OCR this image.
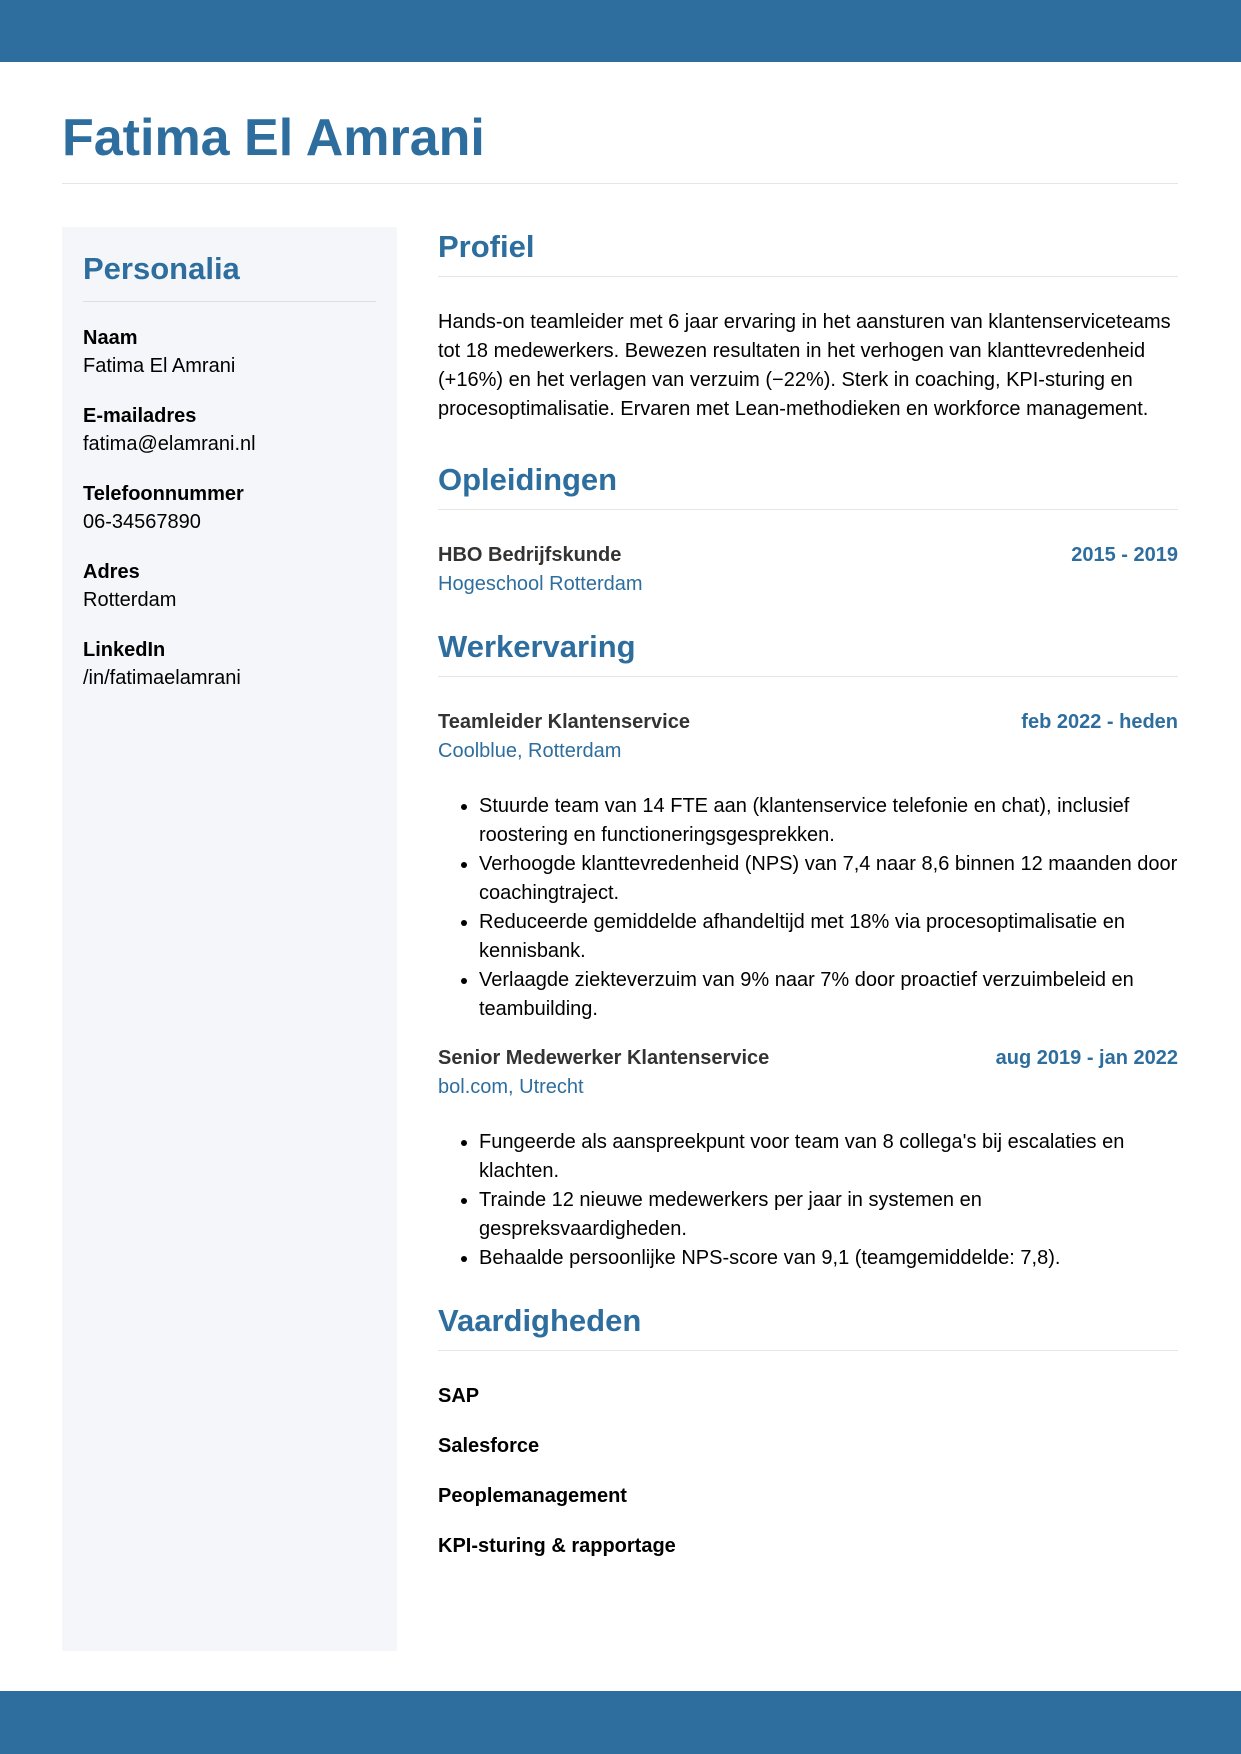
Fatima El Amrani
Personalia
Naam
Fatima El Amrani
E-mailadres
fatima@elamrani.nl
Telefoonnummer
06-34567890
Adres
Rotterdam
LinkedIn
/in/fatimaelamrani
Profiel

Hands-on teamleider met 6 jaar ervaring in het aansturen van klantenserviceteams tot 18 medewerkers. Bewezen resultaten in het verhogen van klanttevredenheid (+16%) en het verlagen van verzuim (−22%). Sterk in coaching, KPI-sturing en procesoptimalisatie. Ervaren met Lean-methodieken en workforce management.

Opleidingen
HBO Bedrijfskunde	2015 - 2019
Hogeschool Rotterdam
Werkervaring
Teamleider Klantenservice	feb 2022 - heden
Coolblue, Rotterdam
• Stuurde team van 14 FTE aan (klantenservice telefonie en chat), inclusief roostering en functioneringsgesprekken.
• Verhoogde klanttevredenheid (NPS) van 7,4 naar 8,6 binnen 12 maanden door coachingtraject.
• Reduceerde gemiddelde afhandeltijd met 18% via procesoptimalisatie en kennisbank.
• Verlaagde ziekteverzuim van 9% naar 7% door proactief verzuimbeleid en teambuilding.
Senior Medewerker Klantenservice	aug 2019 - jan 2022
bol.com, Utrecht
• Fungeerde als aanspreekpunt voor team van 8 collega's bij escalaties en klachten.
• Trainde 12 nieuwe medewerkers per jaar in systemen en gespreksvaardigheden.
• Behaalde persoonlijke NPS-score van 9,1 (teamgemiddelde: 7,8).
Vaardigheden
SAP
Salesforce
Peoplemanagement
KPI-sturing & rapportage
